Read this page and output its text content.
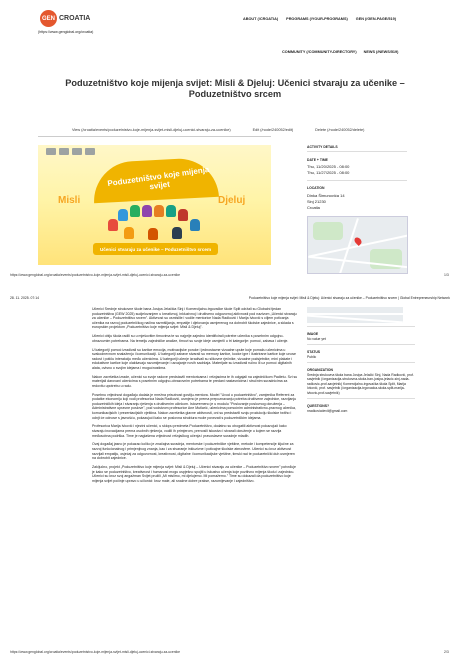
GEN CROATIA
(https://www.genglobal.org/croatia)
ABOUT (/CROATIA) PROGRAMS (/YOUR-PROGRAMS) GEN (/GEN-PAGE/519)
COMMUNITY (/COMMUNITY-DIRECTORY) NEWS (/NEWS/519)
Poduzetništvo koje mijenja svijet: Misli & Djeluj: Učenici stvaraju za učenike – Poduzetništvo srcem
View (/croatia/events/poduzetnistvo-koje-mijenja-svijet-misli-djeluj-ucenici-stvaraju-za-ucenike)	Edit (/node/240052/edit)	Delete (/node/240052/delete)
Poduzetništvo koje mijenja svijet
Misli	Djeluj
Učenici stvaraju za učenike – Poduzetništvo srcem
ACTIVITY DETAILS
DATE + TIME
Thu, 11/20/2025 - 08:00
Thu, 11/27/2025 - 08:00
LOCATION
Dinka Šimunovića 14
Sinj 21230
Croatia
https://www.genglobal.org/croatia/events/poduzetnistvo-koje-mijenja-svijet-misli-djeluj-ucenici-stvaraju-za-ucenike	1/3
28. 11. 2025. 07:14	Poduzetništvo koje mijenja svijet: Misli & Djeluj: Učenici stvaraju za učenike – Poduzetništvo srcem | Global Entrepreneurship Network

Učenici Srednje strukovne škole bana Josipa Jelačića Sinj i Komercijalno-trgovačke škole Split održali su Globalni tjedan poduzetništva (GEW 2025) sudjelovanjem u kreativnoj, inkluzivnoj i društveno odgovornoj aktivnosti pod nazivom „Učenici stvaraju za učenike – Poduzetništvo srcem". Aktivnost su osmislile i vodile mentorice Nada Radković i Marija Ivković s ciljem poticanja učenika na razvoj poduzetničkog načina razmišljanja, empatije i djelovanja usmjerenog na dobrobit školske zajednice, a sklada s europskim projektom „Poduzetništvo koje mijenja svijet: Misli & Djeluj".

Učenici obiju škola radili su u mješovitim timovima te su najprije zajedno identificirali potrebe učenika s posebnim odgojno-obrazovnim potrebama. Na temelju zajedničke analize, timovi su svoje ideje usmjerili u tri kategorije: pomoć, zabava i učenje.

U kategoriji pomoć izradivali su kartice emocija, motivacijske poruke i jednostavne vizualne upute koje pomažu učenicima u svakodnevnom snalaženju i komunikaciji. U kategoriji zabave stvarali su memory kartice, kocke igre i ilustrirane kartice koje unose radost i potiču interakciju među učenicima. U kategoriji učenje izradivali su slikovne rječnike, vizualne podsjetnike, mini plakate i edukativne kartice koje olakšavaju razumijevanje i usvajanje novih sadržaja. Materijale su izradivali ručno ili uz pomoć digitalnih alata, ovisno o svojim idejama i mogućnostima.

Nakon završetka izrade, učenici su svoje radove predstavili mentoricama i vršnjacima te ih odgajali na zajedničkom Padletu. Svi su materijali darovani učenicima s posebnim odgojno-obrazovnim potrebama te predani nastavnicima i stručnim suradnicima za redovitu upotrebu u radu.

Posebnu vrijednost događaju dodala je mrežna prisutnost gostiju-mentora. Model "Uvod u poduzetništvo", zamjenika Referent za podatke ekonomiju koji vodi profesorica Nada Radković, usmjeno je prema prepoznavanju potreba društvene zajednice, razvijanju poduzetničkih ideja i stvaranju rješenja s društvenim učinkom. Istovremeno je u modulu "Poslovanje poslovnog okruženja – Administrativne upravne poslove", pod vodstvom profesorice Ane Mutlarić, učenicima pomoćnim administrativno-pravnog učenika, komunikacijskih i prezentacijskih vještina. Nakon završetka glavne aktivnosti, oni su predstavili svoju produkciju školske twitho i odnjt će odnose s javnošću, pokazujući kako se poslovna struktura može povezati s poduzetničkim idejama.

Profesorica Marija Ivković i njezini učenici, u sklopu predmeta Poduzetništvo, dodatno su obogatili aktivnost pokazujući kako stvaraju inovacijama prema osobnih rješenja, vodili ih primjerom, prenosili iskustvo i stvarali okruženje u kojem se razvija međusobna podrška. Time je naglašena vrijednost vršnjačkog učenja i pravoslavne suradnje mladih.

Ovaj događaj jasno je pokazao koliko je značajna suradnja, mentorske i poduzetničke vještine, metode i kompetencije ključne za razvoj funkcionalnog i primjenjivog znanja, kao i za stvaranje inkluzivne i poticajne školske atmosfere. Učenici su kroz aktivnost razvijali empatiju, osjećaj za odgovornost, kreativnost, digitalne i komunikacijske vještine, timski rad te poduzetnički duh usmjeren na dobrobit zajednice.

Zaključno, projekt „Poduzetništvo koje mijenja svijet: Misli & Djeluj – Učenici stvaraju za učenike – Poduzetništvo srcem" potvrđuje je kako se poduzetništvo, kreativnost i humanost mogu uspješno spojiti u iskustvo učenja koje pozitivno mijenja školu i zajednicu. Učenici su kroz svoj angažman Svijet pružili „Mi mislimo, mi djelujemo. Mi pomažemo." Time su dokazali da poduzetništvo koje mijenja svijet počinje upravo u učionici: kroz male, ali snažne dobre prakse, razumijevanje i zajedništvo.

IMAGE
No value yet
STATUS
Public
ORGANIZATION
Srednja strukovna škola bana Josipa Jelačić Sinj, Nada Radković, prof. savjetnik (/organizacija-strukovna-skola-ban-josipa-jelacic-sinj-nada-radkovic-prof-savjetnik) Komercijalno-trgovačka škola Split, Marija Ivković, prof. savjetnik (/organizacija-trgovacka-skola-split-marija-ivkovic-prof-savjetnik)
QUESTIONS?
nradkovicdevil@gmail.com
https://www.genglobal.org/croatia/events/poduzetnistvo-koje-mijenja-svijet-misli-djeluj-ucenici-stvaraju-za-ucenike	2/3
